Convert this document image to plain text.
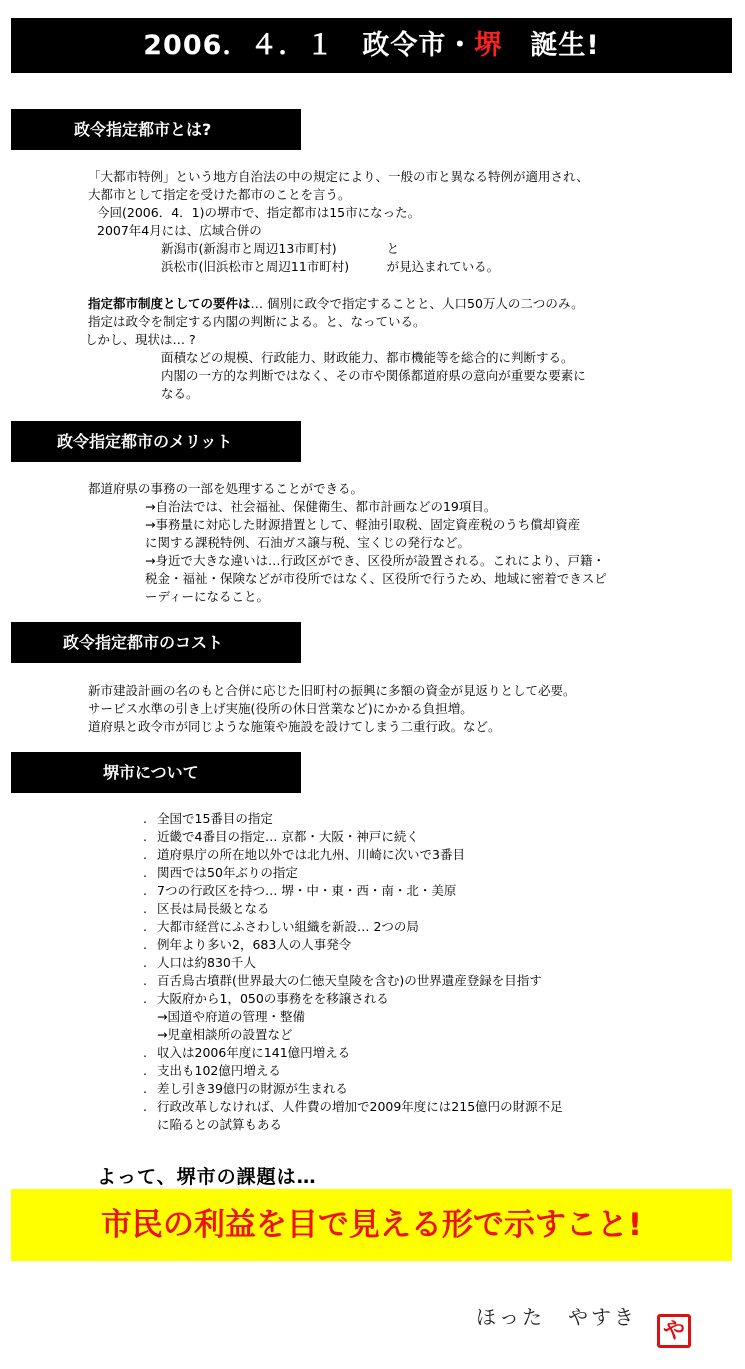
2006．４．１　政令市・堺　誕生!
政令指定都市とは?
「大都市特例」という地方自治法の中の規定により、一般の市と異なる特例が適用され、
大都市として指定を受けた都市のことを言う。
今回(2006．4．1)の堺市で、指定都市は15市になった。
2007年4月には、広域合併の
新潟市(新潟市と周辺13市町村)　　　　と
浜松市(旧浜松市と周辺11市町村)　　　が見込まれている。
指定都市制度としての要件は… 個別に政令で指定することと、人口50万人の二つのみ。
指定は政令を制定する内閣の判断による。と、なっている。
しかし、現状は… ?
面積などの規模、行政能力、財政能力、都市機能等を総合的に判断する。
内閣の一方的な判断ではなく、その市や関係都道府県の意向が重要な要素に
なる。
政令指定都市のメリット
都道府県の事務の一部を処理することができる。
→自治法では、社会福祉、保健衛生、都市計画などの19項目。
→事務量に対応した財源措置として、軽油引取税、固定資産税のうち償却資産
に関する課税特例、石油ガス譲与税、宝くじの発行など。
→身近で大きな違いは…行政区ができ、区役所が設置される。これにより、戸籍・
税金・福祉・保険などが市役所ではなく、区役所で行うため、地域に密着できスピ
ーディーになること。
政令指定都市のコスト
新市建設計画の名のもと合併に応じた旧町村の振興に多額の資金が見返りとして必要。
サービス水準の引き上げ実施(役所の休日営業など)にかかる負担増。
道府県と政令市が同じような施策や施設を設けてしまう二重行政。など。
堺市について
. 全国で15番目の指定
. 近畿で4番目の指定… 京都・大阪・神戸に続く
. 道府県庁の所在地以外では北九州、川崎に次いで3番目
. 関西では50年ぶりの指定
. 7つの行政区を持つ… 堺・中・東・西・南・北・美原
. 区長は局長級となる
. 大都市経営にふさわしい組織を新設… 2つの局
. 例年より多い2，683人の人事発令
. 人口は約830千人
. 百舌鳥古墳群(世界最大の仁徳天皇陵を含む)の世界遺産登録を目指す
. 大阪府から1，050の事務をを移譲される
→国道や府道の管理・整備
→児童相談所の設置など
. 収入は2006年度に141億円増える
. 支出も102億円増える
. 差し引き39億円の財源が生まれる
. 行政改革しなければ、人件費の増加で2009年度には215億円の財源不足
に陥るとの試算もある
よって、堺市の課題は…
市民の利益を目で見える形で示すこと!
ほった　やすき
や
